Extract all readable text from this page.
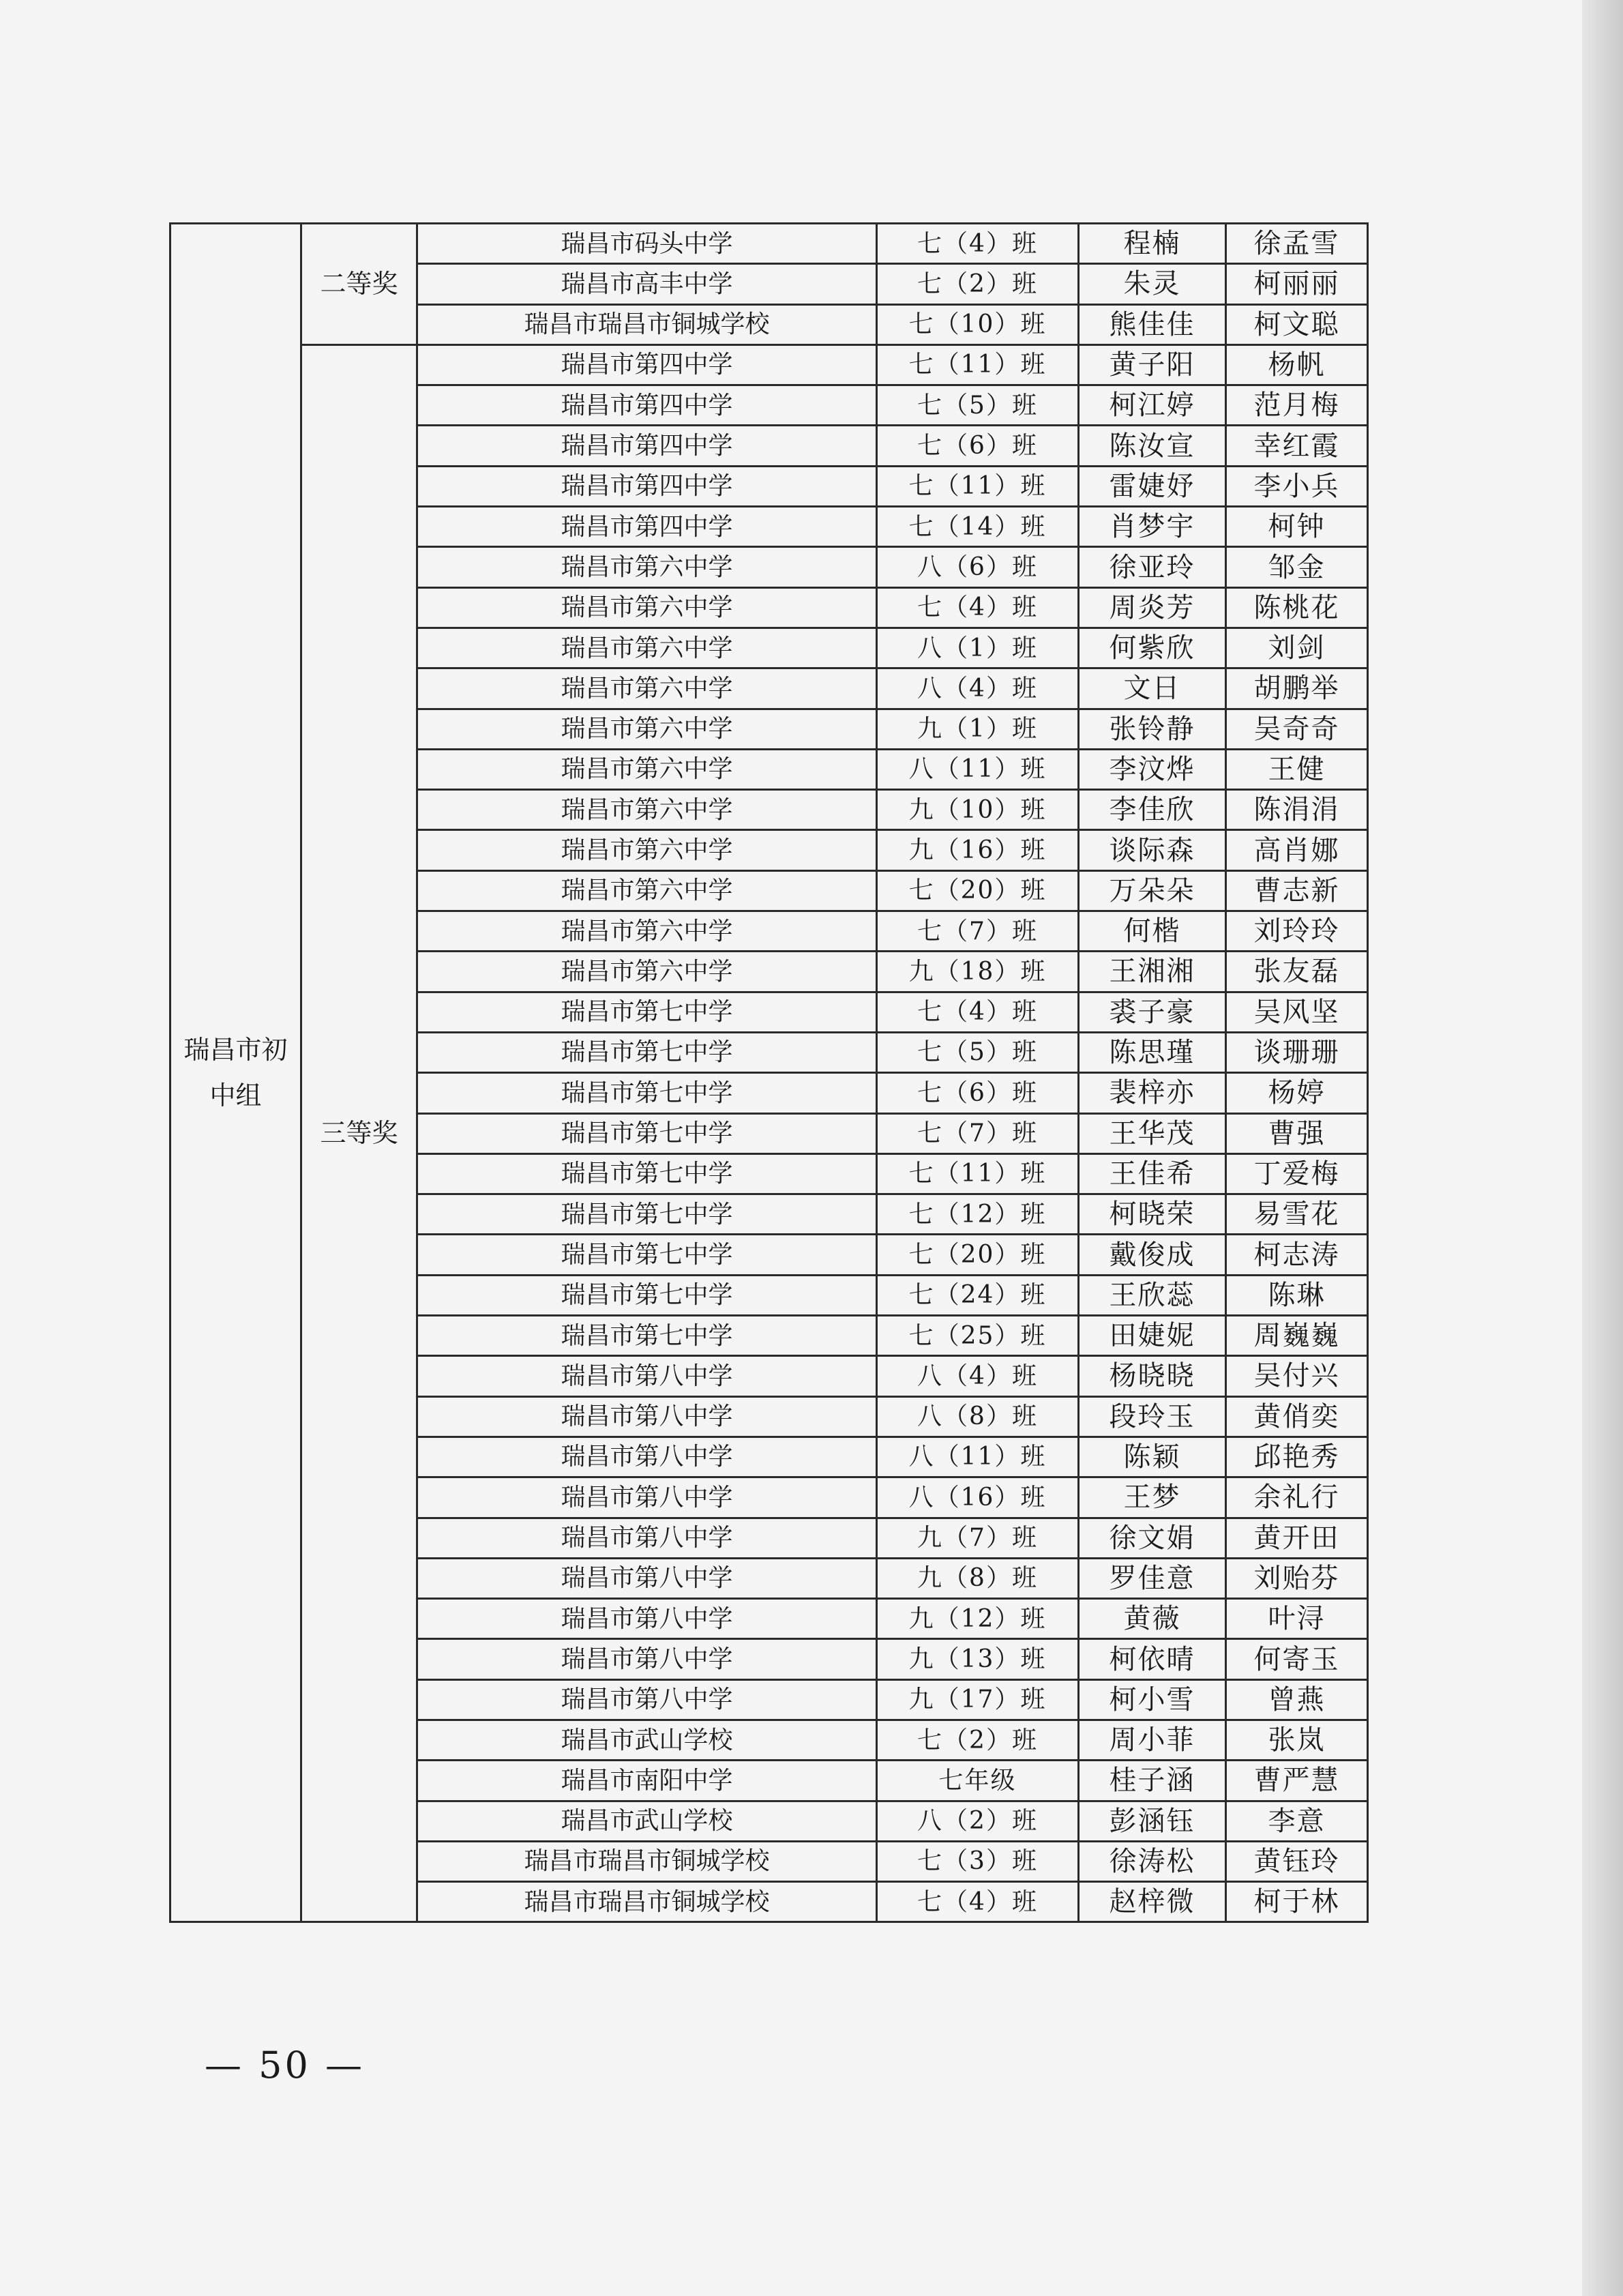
瑞昌市初中组	二等奖	瑞昌市码头中学	七（4）班	程楠	徐孟雪
		瑞昌市高丰中学	七（2）班	朱灵	柯丽丽
		瑞昌市瑞昌市铜城学校	七（10）班	熊佳佳	柯文聪
	三等奖	瑞昌市第四中学	七（11）班	黄子阳	杨帆
		瑞昌市第四中学	七（5）班	柯江婷	范月梅
		瑞昌市第四中学	七（6）班	陈汝宣	幸红霞
		瑞昌市第四中学	七（11）班	雷婕妤	李小兵
		瑞昌市第四中学	七（14）班	肖梦宇	柯钟
		瑞昌市第六中学	八（6）班	徐亚玲	邹金
		瑞昌市第六中学	七（4）班	周炎芳	陈桃花
		瑞昌市第六中学	八（1）班	何紫欣	刘剑
		瑞昌市第六中学	八（4）班	文日	胡鹏举
		瑞昌市第六中学	九（1）班	张铃静	吴奇奇
		瑞昌市第六中学	八（11）班	李汶烨	王健
		瑞昌市第六中学	九（10）班	李佳欣	陈涓涓
		瑞昌市第六中学	九（16）班	谈际森	高肖娜
		瑞昌市第六中学	七（20）班	万朵朵	曹志新
		瑞昌市第六中学	七（7）班	何楷	刘玲玲
		瑞昌市第六中学	九（18）班	王湘湘	张友磊
		瑞昌市第七中学	七（4）班	裘子豪	吴风坚
		瑞昌市第七中学	七（5）班	陈思瑾	谈珊珊
		瑞昌市第七中学	七（6）班	裴梓亦	杨婷
		瑞昌市第七中学	七（7）班	王华茂	曹强
		瑞昌市第七中学	七（11）班	王佳希	丁爱梅
		瑞昌市第七中学	七（12）班	柯晓荣	易雪花
		瑞昌市第七中学	七（20）班	戴俊成	柯志涛
		瑞昌市第七中学	七（24）班	王欣蕊	陈琳
		瑞昌市第七中学	七（25）班	田婕妮	周巍巍
		瑞昌市第八中学	八（4）班	杨晓晓	吴付兴
		瑞昌市第八中学	八（8）班	段玲玉	黄俏奕
		瑞昌市第八中学	八（11）班	陈颖	邱艳秀
		瑞昌市第八中学	八（16）班	王梦	余礼行
		瑞昌市第八中学	九（7）班	徐文娟	黄开田
		瑞昌市第八中学	九（8）班	罗佳意	刘贻芬
		瑞昌市第八中学	九（12）班	黄薇	叶浔
		瑞昌市第八中学	九（13）班	柯依晴	何寄玉
		瑞昌市第八中学	九（17）班	柯小雪	曾燕
		瑞昌市武山学校	七（2）班	周小菲	张岚
		瑞昌市南阳中学	七年级	桂子涵	曹严慧
		瑞昌市武山学校	八（2）班	彭涵钰	李意
		瑞昌市瑞昌市铜城学校	七（3）班	徐涛松	黄钰玲
		瑞昌市瑞昌市铜城学校	七（4）班	赵梓微	柯于林
— 50 —
